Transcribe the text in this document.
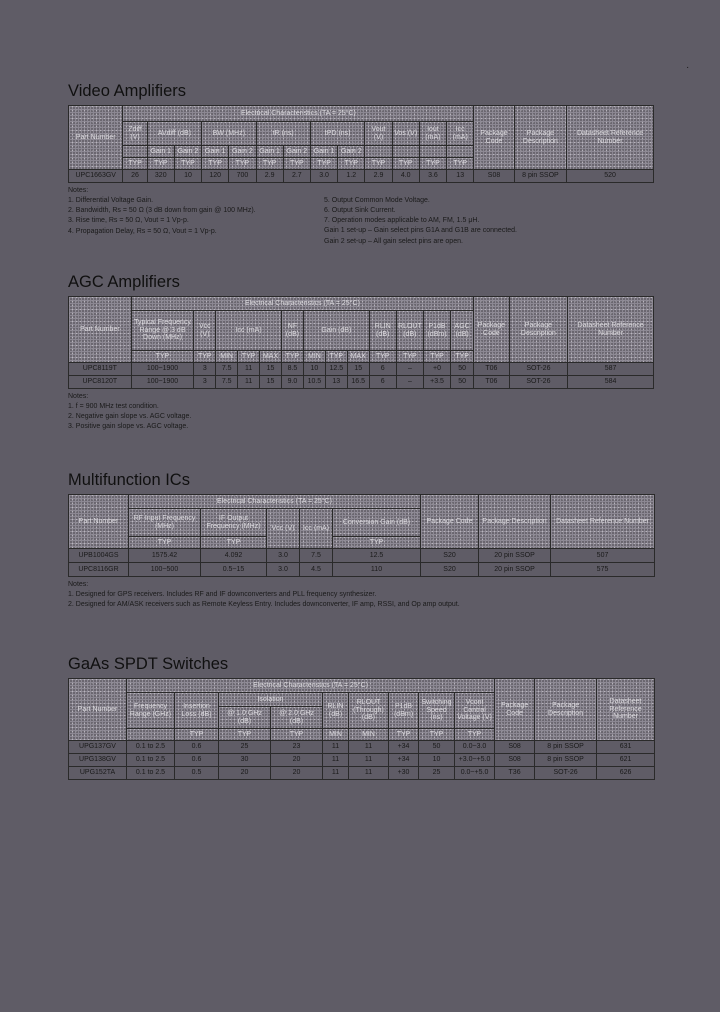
·
Video Amplifiers
Part Number	Electrical Characteristics (TA = 25°C)													Package Code	Package Description	Datasheet Reference Number
	Zdiff (V)	AVdiff (dB)		BW (MHz)		tR (ns)		tPD (ns)		Vout (V)	Vos (V)	Iout (mA)	Icc (mA)			
		Gain 1	Gain 2	Gain 1	Gain 2	Gain 1	Gain 2	Gain 1	Gain 2							
	TYP	TYP	TYP	TYP	TYP	TYP	TYP	TYP	TYP	TYP	TYP	TYP	TYP			
UPC1663GV	26	320	10	120	700	2.9	2.7	3.0	1.2	2.9	4.0	3.6	13	S08	8 pin SSOP	520
Notes:
1. Differential Voltage Gain.
2. Bandwidth, Rs = 50 Ω (3 dB down from gain @ 100 MHz).
3. Rise time, Rs = 50 Ω, Vout = 1 Vp-p.
4. Propagation Delay, Rs = 50 Ω, Vout = 1 Vp-p.
5. Output Common Mode Voltage.
6. Output Sink Current.
7. Operation modes applicable to AM, FM, 1.5 μH.
Gain 1 set-up – Gain select pins G1A and G1B are connected.
Gain 2 set-up – All gain select pins are open.
AGC Amplifiers
Part Number	Electrical Characteristics (TA = 25°C)													Package Code	Package Description	Datasheet Reference Number
	Typical Frequency Range @ 3 dB Down (MHz)	Vcc (V)	Icc (mA)			NF (dB)	Gain (dB)			RLIN (dB)	RLOUT (dB)	P1dB (dBm)	AGC (dB)			
	TYP	TYP	MIN	TYP	MAX	TYP	MIN	TYP	MAX	TYP	TYP	TYP	TYP			
UPC8119T	100~1900	3	7.5	11	15	8.5	10	12.5	15	6	–	+0	50	T06	SOT-26	587
UPC8120T	100~1900	3	7.5	11	15	9.0	10.5	13	16.5	6	–	+3.5	50	T06	SOT-26	584
Notes:
1. f = 900 MHz test condition.
2. Negative gain slope vs. AGC voltage.
3. Positive gain slope vs. AGC voltage.
Multifunction ICs
Part Number	Electrical Characteristics (TA = 25°C)					Package Code	Package Description	Datasheet Reference Number
	RF Input Frequency (MHz)	IF Output Frequency (MHz)	Vcc (V)	Icc (mA)	Conversion Gain (dB)			
	TYP	TYP			TYP			
UPB1004GS	1575.42	4.092	3.0	7.5	12.5	S20	20 pin SSOP	507
UPC8116GR	100~500	0.5~15	3.0	4.5	110	S20	20 pin SSOP	575
Notes:
1. Designed for GPS receivers. Includes RF and IF downconverters and PLL frequency synthesizer.
2. Designed for AM/ASK receivers such as Remote Keyless Entry. Includes downconverter, IF amp, RSSI, and Op amp output.
GaAs SPDT Switches
Part Number	Electrical Characteristics (TA = 25°C)									Package Code	Package Description	Datasheet Reference Number
	Frequency Range (GHz)	Insertion Loss (dB)	Isolation		RLIN (dB)	RLOUT (Through) (dB)	P1dB (dBm)	Switching Speed (ns)	Vcont Control Voltage (V)			
			@ 1.0 GHz (dB)	@ 2.0 GHz (dB)								
		TYP	TYP	TYP	MIN	MIN	TYP	TYP	TYP			
UPG137GV	0.1 to 2.5	0.6	25	23	11	11	+34	50	0.0~3.0	S08	8 pin SSOP	631
UPG138GV	0.1 to 2.5	0.6	30	20	11	11	+34	10	+3.0~+5.0	S08	8 pin SSOP	621
UPG152TA	0.1 to 2.5	0.5	20	20	11	11	+30	25	0.0~+5.0	T36	SOT-26	626
